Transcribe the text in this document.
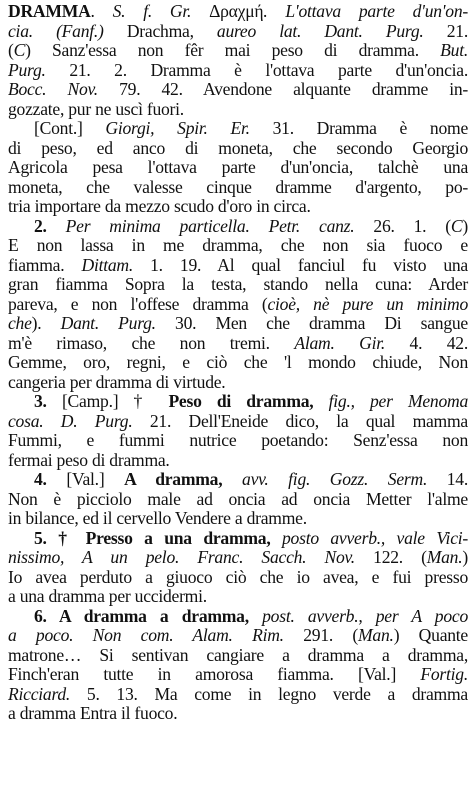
DRAMMA. S. f. Gr. Δραχμή. L'ottava parte d'un'on-
cia. (Fanf.) Drachma, aureo lat. Dant. Purg. 21.
(C) Sanz'essa non fêr mai peso di dramma. But.
Purg. 21. 2. Dramma è l'ottava parte d'un'oncia.
Bocc. Nov. 79. 42. Avendone alquante dramme in-
gozzate, pur ne uscì fuori.
[Cont.] Giorgi, Spir. Er. 31. Dramma è nome
di peso, ed anco di moneta, che secondo Georgio
Agricola pesa l'ottava parte d'un'oncia, talchè una
moneta, che valesse cinque dramme d'argento, po-
tria importare da mezzo scudo d'oro in circa.
2. Per minima particella. Petr. canz. 26. 1. (C)
E non lassa in me dramma, che non sia fuoco e
fiamma. Dittam. 1. 19. Al qual fanciul fu visto una
gran fiamma Sopra la testa, stando nella cuna: Arder
pareva, e non l'offese dramma (cioè, nè pure un minimo
che). Dant. Purg. 30. Men che dramma Di sangue
m'è rimaso, che non tremi. Alam. Gir. 4. 42.
Gemme, oro, regni, e ciò che 'l mondo chiude, Non
cangeria per dramma di virtude.
3. [Camp.] † Peso di dramma, fig., per Menoma
cosa. D. Purg. 21. Dell'Eneide dico, la qual mamma
Fummi, e fummi nutrice poetando: Senz'essa non
fermai peso di dramma.
4. [Val.] A dramma, avv. fig. Gozz. Serm. 14.
Non è picciolo male ad oncia ad oncia Metter l'alme
in bilance, ed il cervello Vendere a dramme.
5. † Presso a una dramma, posto avverb., vale Vici-
nissimo, A un pelo. Franc. Sacch. Nov. 122. (Man.)
Io avea perduto a giuoco ciò che io avea, e fui presso
a una dramma per uccidermi.
6. A dramma a dramma, post. avverb., per A poco
a poco. Non com. Alam. Rim. 291. (Man.) Quante
matrone… Si sentivan cangiare a dramma a dramma,
Finch'eran tutte in amorosa fiamma. [Val.] Fortig.
Ricciard. 5. 13. Ma come in legno verde a dramma
a dramma Entra il fuoco.
